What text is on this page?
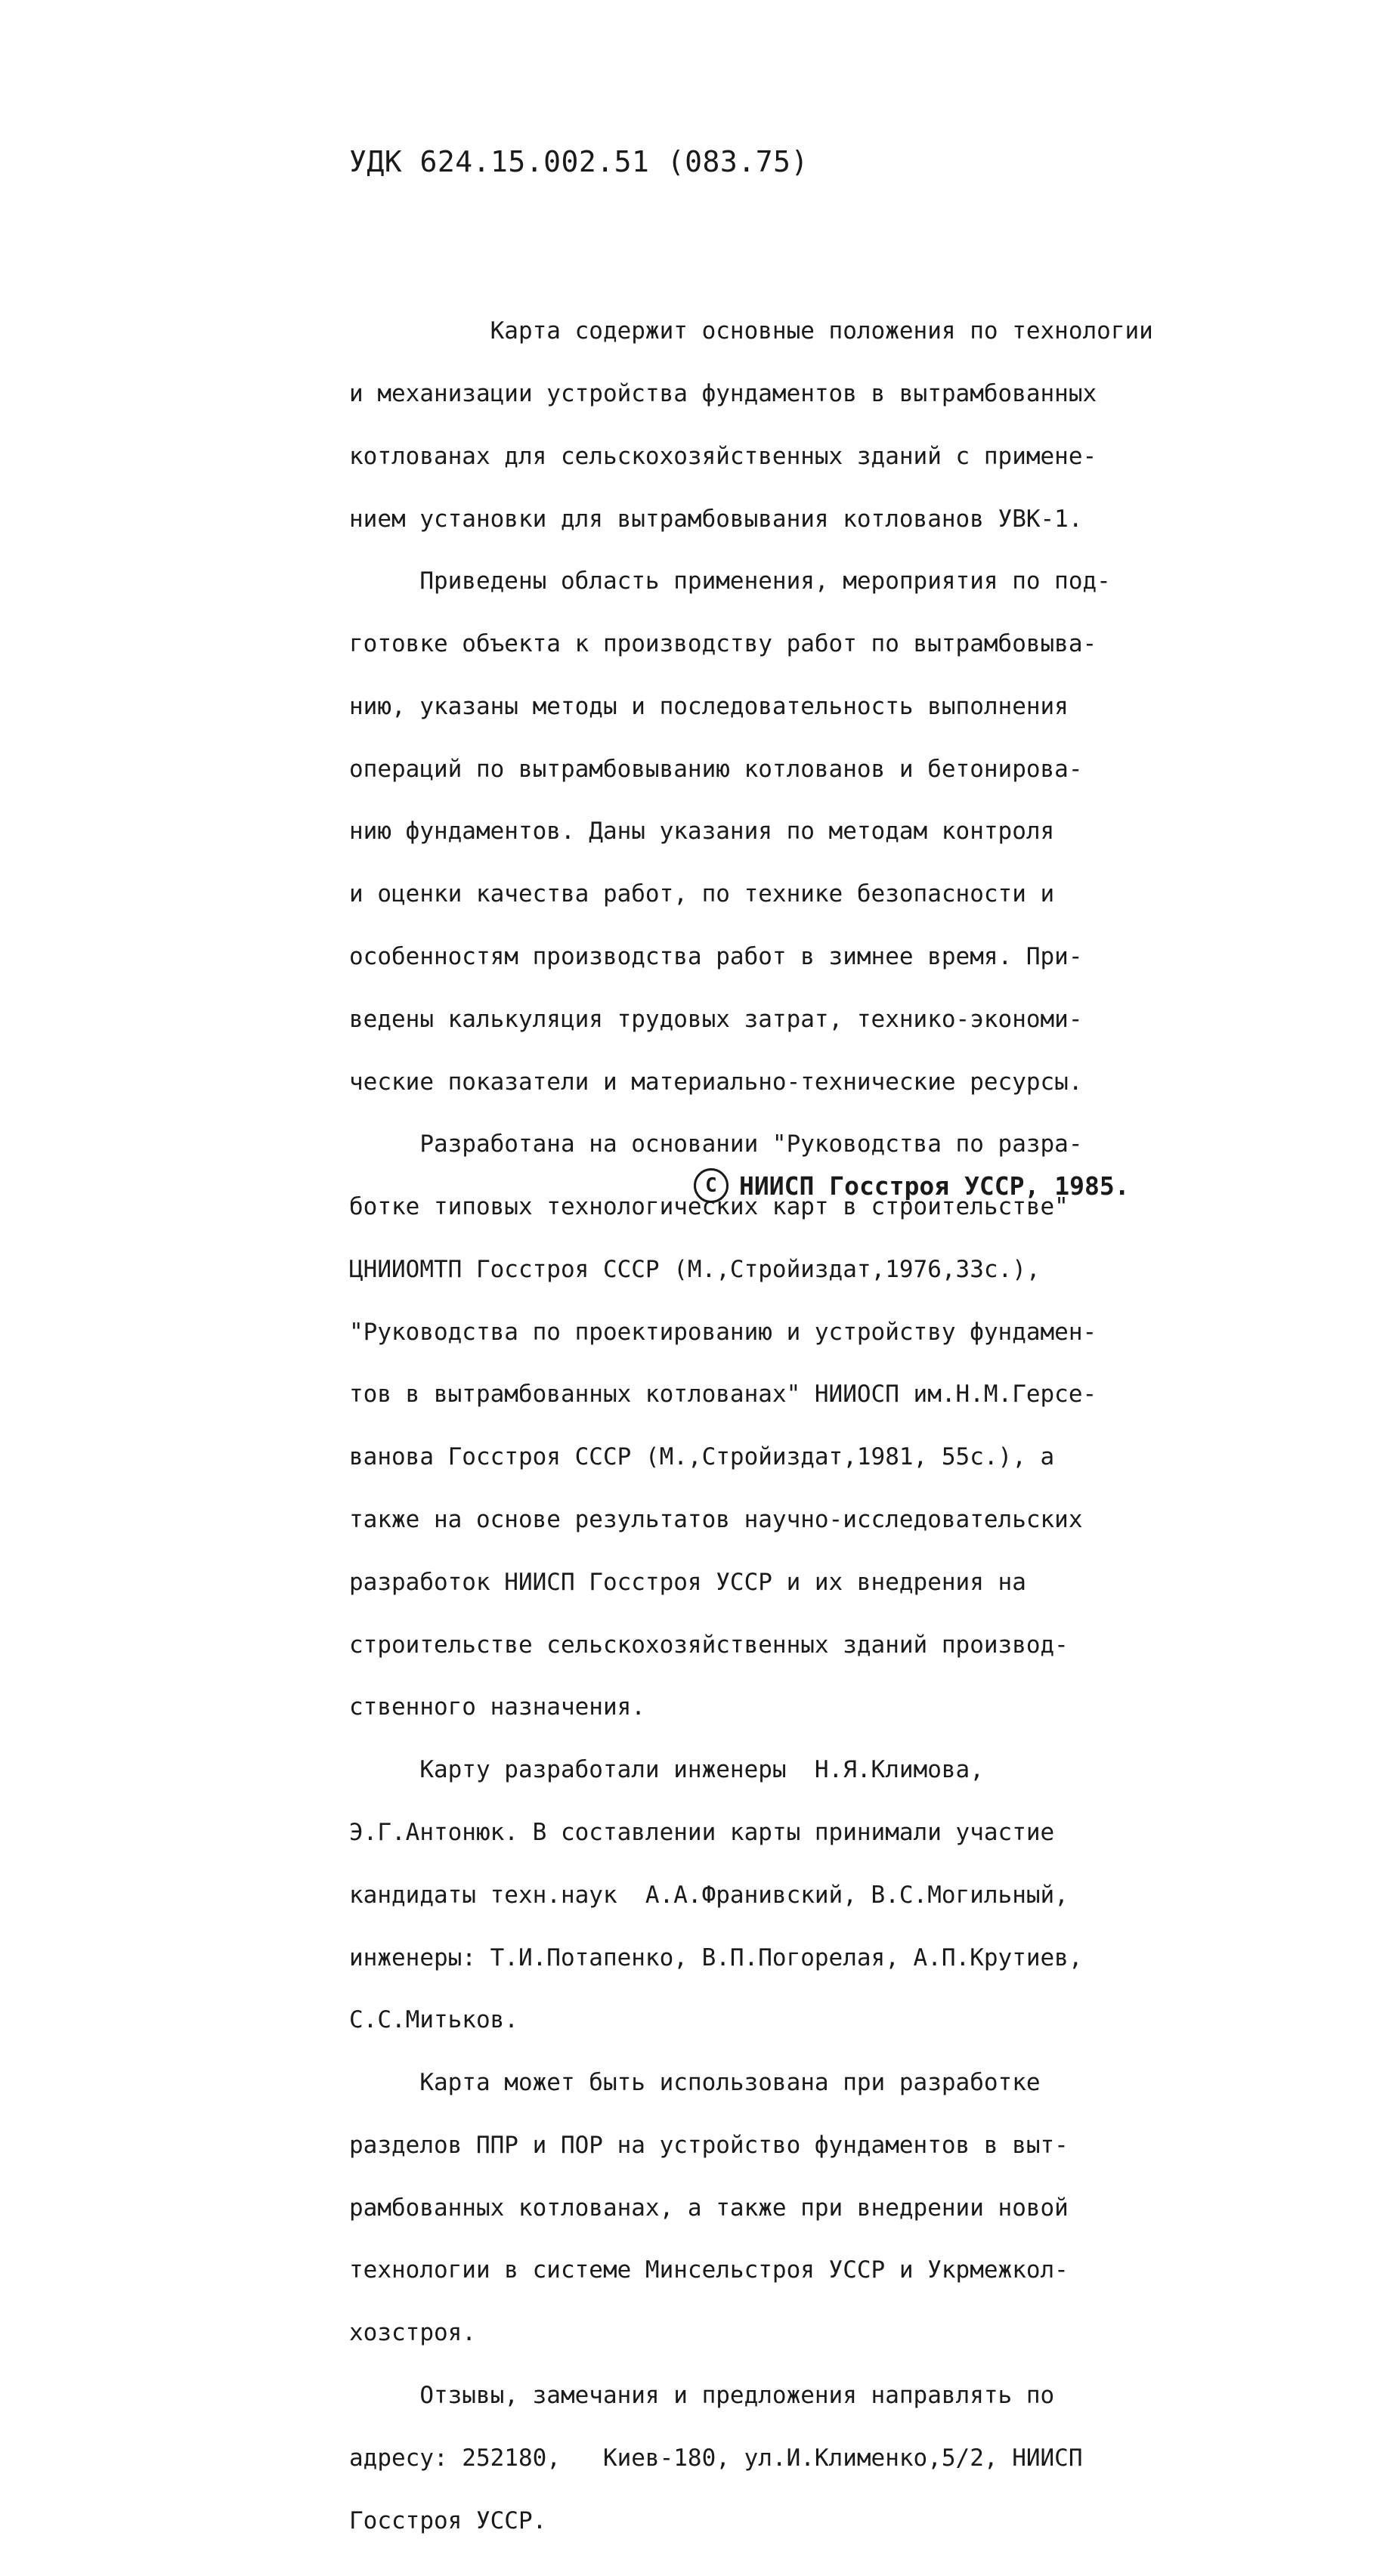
УДК 624.15.002.51 (083.75)

Карта содержит основные положения по технологии

и механизации устройства фундаментов в вытрамбованных

котлованах для сельскохозяйственных зданий с примене-

нием установки для вытрамбовывания котлованов УВК-1.

Приведены область применения, мероприятия по под-

готовке объекта к производству работ по вытрамбовыва-

нию, указаны методы и последовательность выполнения

операций по вытрамбовыванию котлованов и бетонирова-

нию фундаментов. Даны указания по методам контроля

и оценки качества работ, по технике безопасности и

особенностям производства работ в зимнее время. При-

ведены калькуляция трудовых затрат, технико-экономи-

ческие показатели и материально-технические ресурсы.

Разработана на основании "Руководства по разра-

ботке типовых технологических карт в строительстве"

ЦНИИОМТП Госстроя СССР (М.,Стройиздат,1976,33с.),

"Руководства по проектированию и устройству фундамен-

тов в вытрамбованных котлованах" НИИОСП им.Н.М.Герсе-

ванова Госстроя СССР (М.,Стройиздат,1981, 55с.), а

также на основе результатов научно-исследовательских

разработок НИИСП Госстроя УССР и их внедрения на

строительстве сельскохозяйственных зданий производ-

ственного назначения.

Карту разработали инженеры  Н.Я.Климова,

Э.Г.Антонюк. В составлении карты принимали участие

кандидаты техн.наук  А.А.Франивский, В.С.Могильный,

инженеры: Т.И.Потапенко, В.П.Погорелая, А.П.Крутиев,

С.С.Митьков.

Карта может быть использована при разработке

разделов ППР и ПОР на устройство фундаментов в выт-

рамбованных котлованах, а также при внедрении новой

технологии в системе Минсельстроя УССР и Укрмежкол-

хозстроя.

Отзывы, замечания и предложения направлять по

адресу: 252180,   Киев-180, ул.И.Клименко,5/2, НИИСП

Госстроя УССР.

C НИИСП Госстроя УССР, 1985.
